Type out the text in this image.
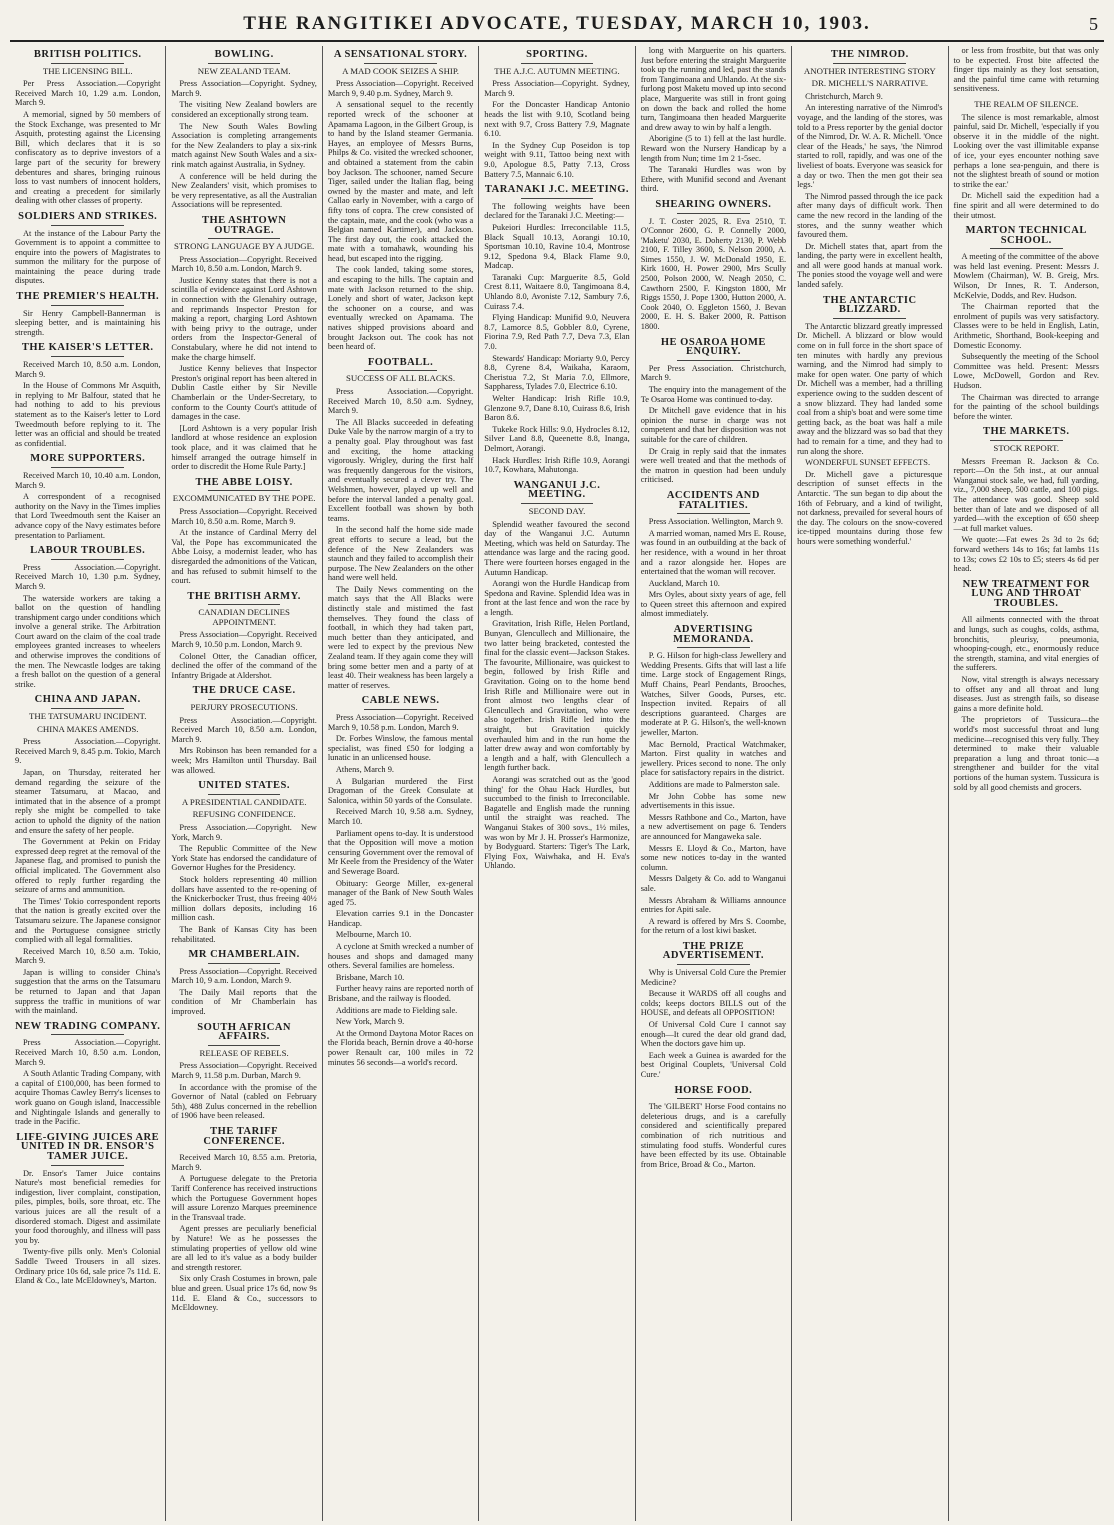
THE RANGITIKEI ADVOCATE, TUESDAY, MARCH 10, 1903.	5
BRITISH POLITICS.
THE LICENSING BILL.

Per Press Association.—Copyright Received March 10, 1.29 a.m. London, March 9.

A memorial, signed by 50 members of the Stock Exchange, was presented to Mr Asquith, protesting against the Licensing Bill, which declares that it is so confiscatory as to deprive investors of a large part of the security for brewery debentures and shares, bringing ruinous loss to vast numbers of innocent holders, and creating a precedent for similarly dealing with other classes of property.

SOLDIERS AND STRIKES.

At the instance of the Labour Party the Government is to appoint a committee to enquire into the powers of Magistrates to summon the military for the purpose of maintaining the peace during trade disputes.

THE PREMIER'S HEALTH.

Sir Henry Campbell-Bannerman is sleeping better, and is maintaining his strength.

THE KAISER'S LETTER.

Received March 10, 8.50 a.m. London, March 9.

In the House of Commons Mr Asquith, in replying to Mr Balfour, stated that he had nothing to add to his previous statement as to the Kaiser's letter to Lord Tweedmouth before replying to it. The letter was an official and should be treated as confidential.

MORE SUPPORTERS.

Received March 10, 10.40 a.m. London, March 9.

A correspondent of a recognised authority on the Navy in the Times implies that Lord Tweedmouth sent the Kaiser an advance copy of the Navy estimates before presentation to Parliament.

LABOUR TROUBLES.

Press Association.—Copyright. Received March 10, 1.30 p.m. Sydney, March 9.

The waterside workers are taking a ballot on the question of handling transhipment cargo under conditions which involve a general strike. The Arbitration Court award on the claim of the coal trade employees granted increases to wheelers and otherwise improves the conditions of the men. The Newcastle lodges are taking a fresh ballot on the question of a general strike.

CHINA AND JAPAN.
THE TATSUMARU INCIDENT.
CHINA MAKES AMENDS.

Press Association.—Copyright. Received March 9, 8.45 p.m. Tokio, March 9.

Japan, on Thursday, reiterated her demand regarding the seizure of the steamer Tatsumaru, at Macao, and intimated that in the absence of a prompt reply she might be compelled to take action to uphold the dignity of the nation and ensure the safety of her people.

The Government at Pekin on Friday expressed deep regret at the removal of the Japanese flag, and promised to punish the official implicated. The Government also offered to reply further regarding the seizure of arms and ammunition.

The Times' Tokio correspondent reports that the nation is greatly excited over the Tatsumaru seizure. The Japanese consignor and the Portuguese consignee strictly complied with all legal formalities.

Received March 10, 8.50 a.m. Tokio, March 9.

Japan is willing to consider China's suggestion that the arms on the Tatsumaru be returned to Japan and that Japan suppress the traffic in munitions of war with the mainland.

NEW TRADING COMPANY.

Press Association.—Copyright. Received March 10, 8.50 a.m. London, March 9.

A South Atlantic Trading Company, with a capital of £100,000, has been formed to acquire Thomas Cawley Berry's licenses to work guano on Gough island, Inaccessible and Nightingale Islands and generally to trade in the Pacific.

LIFE-GIVING JUICES ARE UNITED IN DR. ENSOR'S TAMER JUICE.

Dr. Ensor's Tamer Juice contains Nature's most beneficial remedies for indigestion, liver complaint, constipation, piles, pimples, boils, sore throat, etc. The various juices are all the result of a disordered stomach. Digest and assimilate your food thoroughly, and illness will pass you by.

Twenty-five pills only. Men's Colonial Saddle Tweed Trousers in all sizes. Ordinary price 10s 6d, sale price 7s 11d. E. Eland & Co., late McEldowney's, Marton.

BOWLING.
NEW ZEALAND TEAM.

Press Association—Copyright. Sydney, March 9.

The visiting New Zealand bowlers are considered an exceptionally strong team.

The New South Wales Bowling Association is completing arrangements for the New Zealanders to play a six-rink match against New South Wales and a six-rink match against Australia, in Sydney.

A conference will be held during the New Zealanders' visit, which promises to be very representative, as all the Australian Associations will be represented.

THE ASHTOWN OUTRAGE.
STRONG LANGUAGE BY A JUDGE.

Press Association—Copyright. Received March 10, 8.50 a.m. London, March 9.

Justice Kenny states that there is not a scintilla of evidence against Lord Ashtown in connection with the Glenahiry outrage, and reprimands Inspector Preston for making a report, charging Lord Ashtown with being privy to the outrage, under orders from the Inspector-General of Constabulary, where he did not intend to make the charge himself.

Justice Kenny believes that Inspector Preston's original report has been altered in Dublin Castle either by Sir Neville Chamberlain or the Under-Secretary, to conform to the County Court's attitude of damages in the case.

[Lord Ashtown is a very popular Irish landlord at whose residence an explosion took place, and it was claimed that he himself arranged the outrage himself in order to discredit the Home Rule Party.]

THE ABBE LOISY.
EXCOMMUNICATED BY THE POPE.

Press Association—Copyright. Received March 10, 8.50 a.m. Rome, March 9.

At the instance of Cardinal Merry del Val, the Pope has excommunicated the Abbe Loisy, a modernist leader, who has disregarded the admonitions of the Vatican, and has refused to submit himself to the court.

THE BRITISH ARMY.
CANADIAN DECLINES APPOINTMENT.

Press Association—Copyright. Received March 9, 10.50 p.m. London, March 9.

Colonel Otter, the Canadian officer, declined the offer of the command of the Infantry Brigade at Aldershot.

THE DRUCE CASE.
PERJURY PROSECUTIONS.

Press Association.—Copyright. Received March 10, 8.50 a.m. London, March 9.

Mrs Robinson has been remanded for a week; Mrs Hamilton until Thursday. Bail was allowed.

UNITED STATES.
A PRESIDENTIAL CANDIDATE.
REFUSING CONFIDENCE.

Press Association.—Copyright. New York, March 9.

The Republic Committee of the New York State has endorsed the candidature of Governor Hughes for the Presidency.

Stock holders representing 40 million dollars have assented to the re-opening of the Knickerbocker Trust, thus freeing 40½ million dollars deposits, including 16 million cash.

The Bank of Kansas City has been rehabilitated.

MR CHAMBERLAIN.

Press Association—Copyright. Received March 10, 9 a.m. London, March 9.

The Daily Mail reports that the condition of Mr Chamberlain has improved.

SOUTH AFRICAN AFFAIRS.
RELEASE OF REBELS.

Press Association—Copyright. Received March 9, 11.58 p.m. Durban, March 9.

In accordance with the promise of the Governor of Natal (cabled on February 5th), 488 Zulus concerned in the rebellion of 1906 have been released.

THE TARIFF CONFERENCE.

Received March 10, 8.55 a.m. Pretoria, March 9.

A Portuguese delegate to the Pretoria Tariff Conference has received instructions which the Portuguese Government hopes will assure Lorenzo Marques preeminence in the Transvaal trade.

Agent presses are peculiarly beneficial by Nature! We as he possesses the stimulating properties of yellow old wine are all led to it's value as a body builder and strength restorer.

Six only Crash Costumes in brown, pale blue and green. Usual price 17s 6d, now 9s 11d. E. Eland & Co., successors to McEldowney.

A SENSATIONAL STORY.
A MAD COOK SEIZES A SHIP.

Press Association—Copyright. Received March 9, 9.40 p.m. Sydney, March 9.

A sensational sequel to the recently reported wreck of the schooner at Apamama Lagoon, in the Gilbert Group, is to hand by the Island steamer Germania. Hayes, an employee of Messrs Burns, Philps & Co. visited the wrecked schooner, and obtained a statement from the cabin boy Jackson. The schooner, named Secure Tiger, sailed under the Italian flag, being owned by the master and mate, and left Callao early in November, with a cargo of fifty tons of copra. The crew consisted of the captain, mate, and the cook (who was a Belgian named Kartimer), and Jackson. The first day out, the cook attacked the mate with a tomahawk, wounding his head, but escaped into the rigging.

The cook landed, taking some stores, and escaping to the hills. The captain and mate with Jackson returned to the ship. Lonely and short of water, Jackson kept the schooner on a course, and was eventually wrecked on Apamama. The natives shipped provisions aboard and brought Jackson out. The cook has not been heard of.

FOOTBALL.
SUCCESS OF ALL BLACKS.

Press Association.—Copyright. Received March 10, 8.50 a.m. Sydney, March 9.

The All Blacks succeeded in defeating Duke Vale by the narrow margin of a try to a penalty goal. Play throughout was fast and exciting, the home attacking vigorously. Wrigley, during the first half was frequently dangerous for the visitors, and eventually secured a clever try. The Welshmen, however, played up well and before the interval landed a penalty goal. Excellent football was shown by both teams.

In the second half the home side made great efforts to secure a lead, but the defence of the New Zealanders was staunch and they failed to accomplish their purpose. The New Zealanders on the other hand were well held.

The Daily News commenting on the match says that the All Blacks were distinctly stale and mistimed the fast themselves. They found the class of football, in which they had taken part, much better than they anticipated, and were led to expect by the previous New Zealand team. If they again come they will bring some better men and a party of at least 40. Their weakness has been largely a matter of reserves.

CABLE NEWS.

Press Association—Copyright. Received March 9, 10.58 p.m. London, March 9.

Dr. Forbes Winslow, the famous mental specialist, was fined £50 for lodging a lunatic in an unlicensed house.

Athens, March 9.

A Bulgarian murdered the First Dragoman of the Greek Consulate at Salonica, within 50 yards of the Consulate.

Received March 10, 9.58 a.m. Sydney, March 10.

Parliament opens to-day. It is understood that the Opposition will move a motion censuring Government over the removal of Mr Keele from the Presidency of the Water and Sewerage Board.

Obituary: George Miller, ex-general manager of the Bank of New South Wales aged 75.

Elevation carries 9.1 in the Doncaster Handicap.

Melbourne, March 10.

A cyclone at Smith wrecked a number of houses and shops and damaged many others. Several families are homeless.

Brisbane, March 10.

Further heavy rains are reported north of Brisbane, and the railway is flooded.

Additions are made to Fielding sale.

New York, March 9.

At the Ormond Daytona Motor Races on the Florida beach, Bernin drove a 40-horse power Renault car, 100 miles in 72 minutes 56 seconds—a world's record.

SPORTING.
THE A.J.C. AUTUMN MEETING.

Press Association—Copyright. Sydney, March 9.

For the Doncaster Handicap Antonio heads the list with 9.10, Scotland being next with 9.7, Cross Battery 7.9, Magnate 6.10.

In the Sydney Cup Poseidon is top weight with 9.11, Tattoo being next with 9.0, Apologue 8.5, Patty 7.13, Cross Battery 7.5, Mannaic 6.10.

TARANAKI J.C. MEETING.

The following weights have been declared for the Taranaki J.C. Meeting:—

Pukeiori Hurdles: Irreconcilable 11.5, Black Squall 10.13, Aorangi 10.10, Sportsman 10.10, Ravine 10.4, Montrose 9.12, Spedona 9.4, Black Flame 9.0, Madcap.

Taranaki Cup: Marguerite 8.5, Gold Crest 8.11, Waitaere 8.0, Tangimoana 8.4, Uhlando 8.0, Avoniste 7.12, Sambury 7.6, Cuirass 7.4.

Flying Handicap: Munifid 9.0, Neuvera 8.7, Lamorce 8.5, Gobbler 8.0, Cyrene, Fiorina 7.9, Red Path 7.7, Deva 7.3, Elan 7.0.

Stewards' Handicap: Moriarty 9.0, Percy 8.8, Cyrene 8.4, Waikaha, Karaom, Cheristua 7.2, St Maria 7.0, Ellmore, Sappharess, Tylades 7.0, Electrice 6.10.

Welter Handicap: Irish Rifle 10.9, Glenzone 9.7, Dane 8.10, Cuirass 8.6, Irish Baron 8.6.

Tukeke Rock Hills: 9.0, Hydrocles 8.12, Silver Land 8.8, Queenette 8.8, Inanga, Delmort, Aorangi.

Hack Hurdles: Irish Rifle 10.9, Aorangi 10.7, Kowhara, Mahutonga.

WANGANUI J.C. MEETING.
SECOND DAY.

Splendid weather favoured the second day of the Wanganui J.C. Autumn Meeting, which was held on Saturday. The attendance was large and the racing good. There were fourteen horses engaged in the Autumn Handicap.

Aorangi won the Hurdle Handicap from Spedona and Ravine. Splendid Idea was in front at the last fence and won the race by a length.

Gravitation, Irish Rifle, Helen Portland, Bunyan, Glencullech and Millionaire, the two latter being bracketed, contested the final for the classic event—Jackson Stakes. The favourite, Millionaire, was quickest to begin, followed by Irish Rifle and Gravitation. Going on to the home bend Irish Rifle and Millionaire were out in front almost two lengths clear of Glencullech and Gravitation, who were also together. Irish Rifle led into the straight, but Gravitation quickly overhauled him and in the run home the latter drew away and won comfortably by a length and a half, with Glencullech a length further back.

Aorangi was scratched out as the 'good thing' for the Ohau Hack Hurdles, but succumbed to the finish to Irreconcilable. Bagatelle and English made the running until the straight was reached. The Wanganui Stakes of 300 sovs., 1½ miles, was won by Mr J. H. Prosser's Harmonize, by Bodyguard. Starters: Tiger's The Lark, Flying Fox, Waiwhaka, and H. Eva's Uhlando.

long with Marguerite on his quarters. Just before entering the straight Marguerite took up the running and led, past the stands from Tangimoana and Uhlando. At the six-furlong post Maketu moved up into second place, Marguerite was still in front going on down the back and rolled the home turn, Tangimoana then headed Marguerite and drew away to win by half a length.

Aborigine (5 to 1) fell at the last hurdle. Reward won the Nursery Handicap by a length from Nun; time 1m 2 1-5sec.

The Taranaki Hurdles was won by Ethere, with Munifid second and Avenant third.

SHEARING OWNERS.

J. T. Coster 2025, R. Eva 2510, T. O'Connor 2600, G. P. Connelly 2000, 'Maketu' 2030, E. Doherty 2130, P. Webb 2100, F. Tilley 3600, S. Nelson 2000, A. Simes 1550, J. W. McDonald 1950, E. Kirk 1600, H. Power 2900, Mrs Scully 2500, Polson 2000, W. Neagh 2050, C. Cawthorn 2500, F. Kingston 1800, Mr Riggs 1550, J. Pope 1300, Hutton 2000, A. Cook 2040, O. Eggleton 1560, J. Bevan 2000, E. H. S. Baker 2000, R. Pattison 1800.

HE OSAROA HOME ENQUIRY.

Per Press Association. Christchurch, March 9.

The enquiry into the management of the Te Osaroa Home was continued to-day.

Dr Mitchell gave evidence that in his opinion the nurse in charge was not competent and that her disposition was not suitable for the care of children.

Dr Craig in reply said that the inmates were well treated and that the methods of the matron in question had been unduly criticised.

ACCIDENTS AND FATALITIES.

Press Association. Wellington, March 9.

A married woman, named Mrs E. Rouse, was found in an outbuilding at the back of her residence, with a wound in her throat and a razor alongside her. Hopes are entertained that the woman will recover.

Auckland, March 10.

Mrs Oyles, about sixty years of age, fell to Queen street this afternoon and expired almost immediately.

ADVERTISING MEMORANDA.

P. G. Hilson for high-class Jewellery and Wedding Presents. Gifts that will last a life time. Large stock of Engagement Rings, Muff Chains, Pearl Pendants, Brooches, Watches, Silver Goods, Purses, etc. Inspection invited. Repairs of all descriptions guaranteed. Charges are moderate at P. G. Hilson's, the well-known jeweller, Marton.

Mac Bernold, Practical Watchmaker, Marton. First quality in watches and jewellery. Prices second to none. The only place for satisfactory repairs in the district.

Additions are made to Palmerston sale.

Mr John Cobbe has some new advertisements in this issue.

Messrs Rathbone and Co., Marton, have a new advertisement on page 6. Tenders are announced for Mangaweka sale.

Messrs E. Lloyd & Co., Marton, have some new notices to-day in the wanted column.

Messrs Dalgety & Co. add to Wanganui sale.

Messrs Abraham & Williams announce entries for Apiti sale.

A reward is offered by Mrs S. Coombe, for the return of a lost kiwi basket.

THE PRIZE ADVERTISEMENT.

Why is Universal Cold Cure the Premier Medicine?

Because it WARDS off all coughs and colds; keeps doctors BILLS out of the HOUSE, and defeats all OPPOSITION!

Of Universal Cold Cure I cannot say enough—It cured the dear old grand dad, When the doctors gave him up.

Each week a Guinea is awarded for the best Original Couplets, 'Universal Cold Cure.'

HORSE FOOD.

The 'GILBERT' Horse Food contains no deleterious drugs, and is a carefully considered and scientifically prepared combination of rich nutritious and stimulating food stuffs. Wonderful cures have been effected by its use. Obtainable from Brice, Broad & Co., Marton.

THE NIMROD.
ANOTHER INTERESTING STORY
DR. MICHELL'S NARRATIVE.

Christchurch, March 9.

An interesting narrative of the Nimrod's voyage, and the landing of the stores, was told to a Press reporter by the genial doctor of the Nimrod, Dr. W. A. R. Michell. 'Once clear of the Heads,' he says, 'the Nimrod started to roll, rapidly, and was one of the liveliest of boats. Everyone was seasick for a day or two. Then the men got their sea legs.'

The Nimrod passed through the ice pack after many days of difficult work. Then came the new record in the landing of the stores, and the sunny weather which favoured them.

Dr. Michell states that, apart from the landing, the party were in excellent health, and all were good hands at manual work. The ponies stood the voyage well and were landed safely.

THE ANTARCTIC BLIZZARD.

The Antarctic blizzard greatly impressed Dr. Michell. A blizzard or blow would come on in full force in the short space of ten minutes with hardly any previous warning, and the Nimrod had simply to make for open water. One party of which Dr. Michell was a member, had a thrilling experience owing to the sudden descent of a snow blizzard. They had landed some coal from a ship's boat and were some time getting back, as the boat was half a mile away and the blizzard was so bad that they had to remain for a time, and they had to run along the shore.

WONDERFUL SUNSET EFFECTS.

Dr. Michell gave a picturesque description of sunset effects in the Antarctic. 'The sun began to dip about the 16th of February, and a kind of twilight, not darkness, prevailed for several hours of the day. The colours on the snow-covered ice-tipped mountains during those few hours were something wonderful.'

or less from frostbite, but that was only to be expected. Frost bite affected the finger tips mainly as they lost sensation, and the painful time came with returning sensitiveness.

THE REALM OF SILENCE.

The silence is most remarkable, almost painful, said Dr. Michell, 'especially if you observe it in the middle of the night. Looking over the vast illimitable expanse of ice, your eyes encounter nothing save perhaps a lone sea-penguin, and there is not the slightest breath of sound or motion to strike the ear.'

Dr. Michell said the expedition had a fine spirit and all were determined to do their utmost.

MARTON TECHNICAL SCHOOL.

A meeting of the committee of the above was held last evening. Present: Messrs J. Mowlem (Chairman), W. B. Greig, Mrs. Wilson, Dr Innes, R. T. Anderson, McKelvie, Dodds, and Rev. Hudson.

The Chairman reported that the enrolment of pupils was very satisfactory. Classes were to be held in English, Latin, Arithmetic, Shorthand, Book-keeping and Domestic Economy.

Subsequently the meeting of the School Committee was held. Present: Messrs Lowe, McDowell, Gordon and Rev. Hudson.

The Chairman was directed to arrange for the painting of the school buildings before the winter.

THE MARKETS.
STOCK REPORT.

Messrs Freeman R. Jackson & Co. report:—On the 5th inst., at our annual Wanganui stock sale, we had, full yarding, viz., 7,000 sheep, 500 cattle, and 100 pigs. The attendance was good. Sheep sold better than of late and we disposed of all yarded—with the exception of 650 sheep—at full market values.

We quote:—Fat ewes 2s 3d to 2s 6d; forward wethers 14s to 16s; fat lambs 11s to 13s; cows £2 10s to £5; steers 4s 6d per head.

NEW TREATMENT FOR LUNG AND THROAT TROUBLES.

All ailments connected with the throat and lungs, such as coughs, colds, asthma, bronchitis, pleurisy, pneumonia, whooping-cough, etc., enormously reduce the strength, stamina, and vital energies of the sufferers.

Now, vital strength is always necessary to offset any and all throat and lung diseases. Just as strength fails, so disease gains a more definite hold.

The proprietors of Tussicura—the world's most successful throat and lung medicine—recognised this very fully. They determined to make their valuable preparation a lung and throat tonic—a strengthener and builder for the vital portions of the human system. Tussicura is sold by all good chemists and grocers.
